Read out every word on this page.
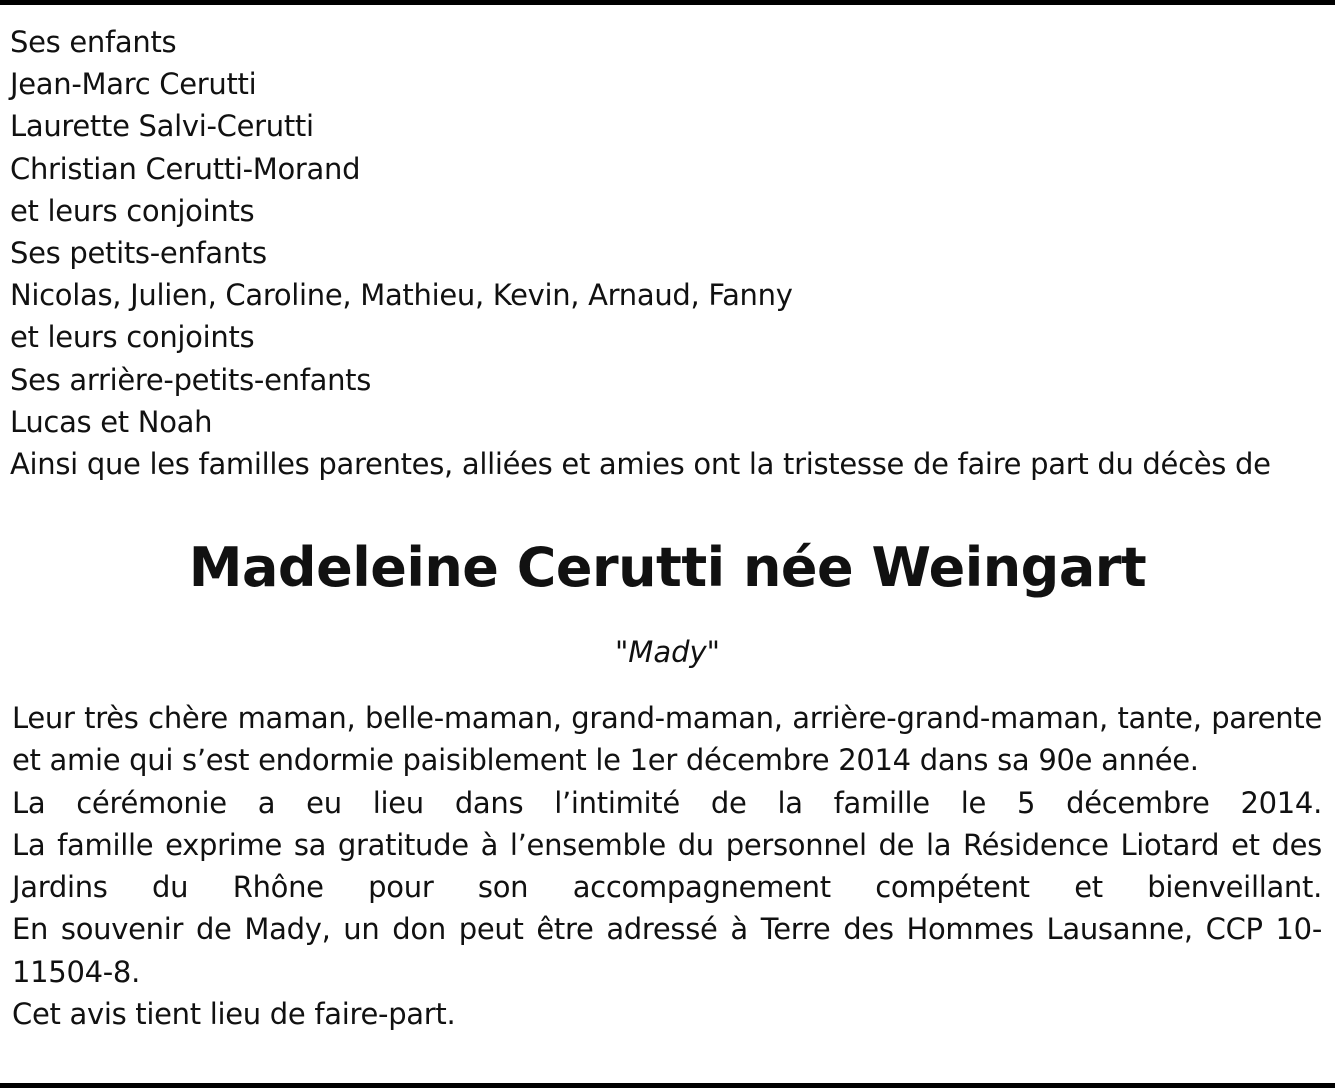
Ses enfants
Jean-Marc Cerutti
Laurette Salvi-Cerutti
Christian Cerutti-Morand
et leurs conjoints
Ses petits-enfants
Nicolas, Julien, Caroline, Mathieu, Kevin, Arnaud, Fanny
et leurs conjoints
Ses arrière-petits-enfants
Lucas et Noah
Ainsi que les familles parentes, alliées et amies ont la tristesse de faire part du décès de
Madeleine Cerutti née Weingart
"Mady"
Leur très chère maman, belle-maman, grand-maman, arrière-grand-maman, tante, parente et amie qui s’est endormie paisiblement le 1er décembre 2014 dans sa 90e année.
La cérémonie a eu lieu dans l’intimité de la famille le 5 décembre 2014.
La famille exprime sa gratitude à l’ensemble du personnel de la Résidence Liotard et des Jardins du Rhône pour son accompagnement compétent et bienveillant.
En souvenir de Mady, un don peut être adressé à Terre des Hommes Lausanne, CCP 10-11504-8.
Cet avis tient lieu de faire-part.
